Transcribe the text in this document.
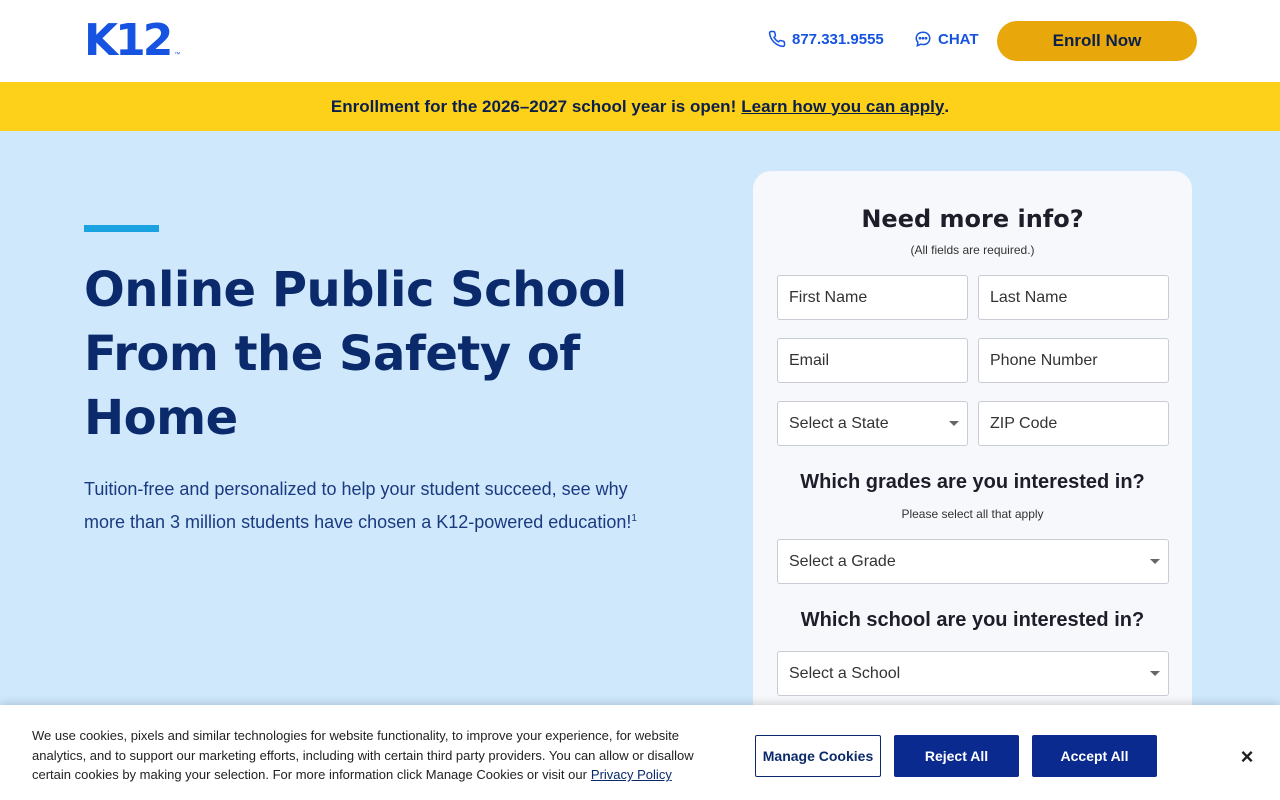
K12 ™
877.331.9555	CHAT	Enroll Now
Enrollment for the 2026–2027 school year is open! Learn how you can apply .
Online Public School From the Safety of Home

Tuition-free and personalized to help your student succeed, see why more than 3 million students have chosen a K12-powered education!$^1$

Need more info?
(All fields are required.)
First Name	Last Name
Email	Phone Number
Select a State	ZIP Code
Which grades are you interested in?
Please select all that apply
Select a Grade
Which school are you interested in?
Select a School

We use cookies, pixels and similar technologies for website functionality, to improve your experience, for website analytics, and to support our marketing efforts, including with certain third party providers. You can allow or disallow certain cookies by making your selection. For more information click Manage Cookies or visit our Privacy Policy

Manage Cookies	Reject All	Accept All	×
